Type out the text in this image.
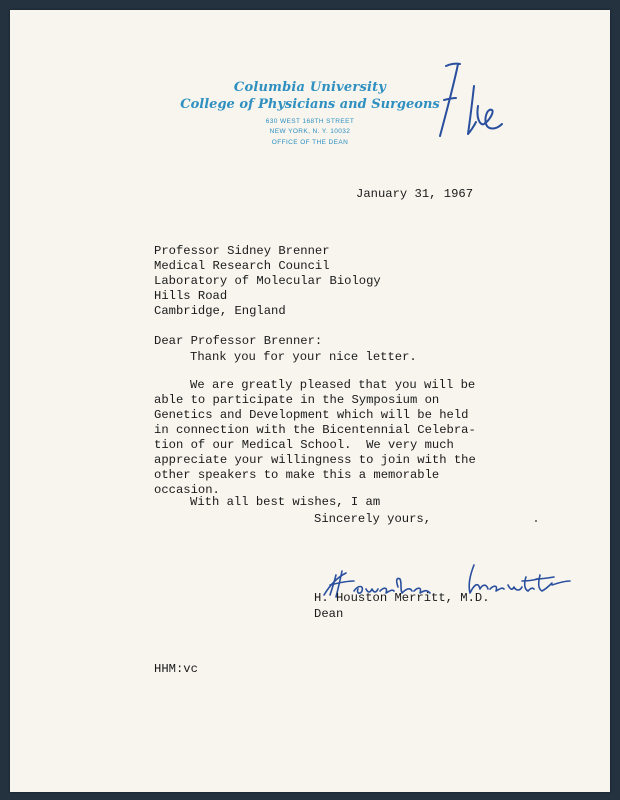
Columbia University
College of Physicians and Surgeons
630 WEST 168TH STREET
NEW YORK, N. Y. 10032
OFFICE OF THE DEAN
January 31, 1967
Professor Sidney Brenner
Medical Research Council
Laboratory of Molecular Biology
Hills Road
Cambridge, England
Dear Professor Brenner:
Thank you for your nice letter.
We are greatly pleased that you will be
able to participate in the Symposium on
Genetics and Development which will be held
in connection with the Bicentennial Celebra-
tion of our Medical School.  We very much
appreciate your willingness to join with the
other speakers to make this a memorable
occasion.
With all best wishes, I am
Sincerely yours,
H. Houston Merritt, M.D.
Dean
HHM:vc
